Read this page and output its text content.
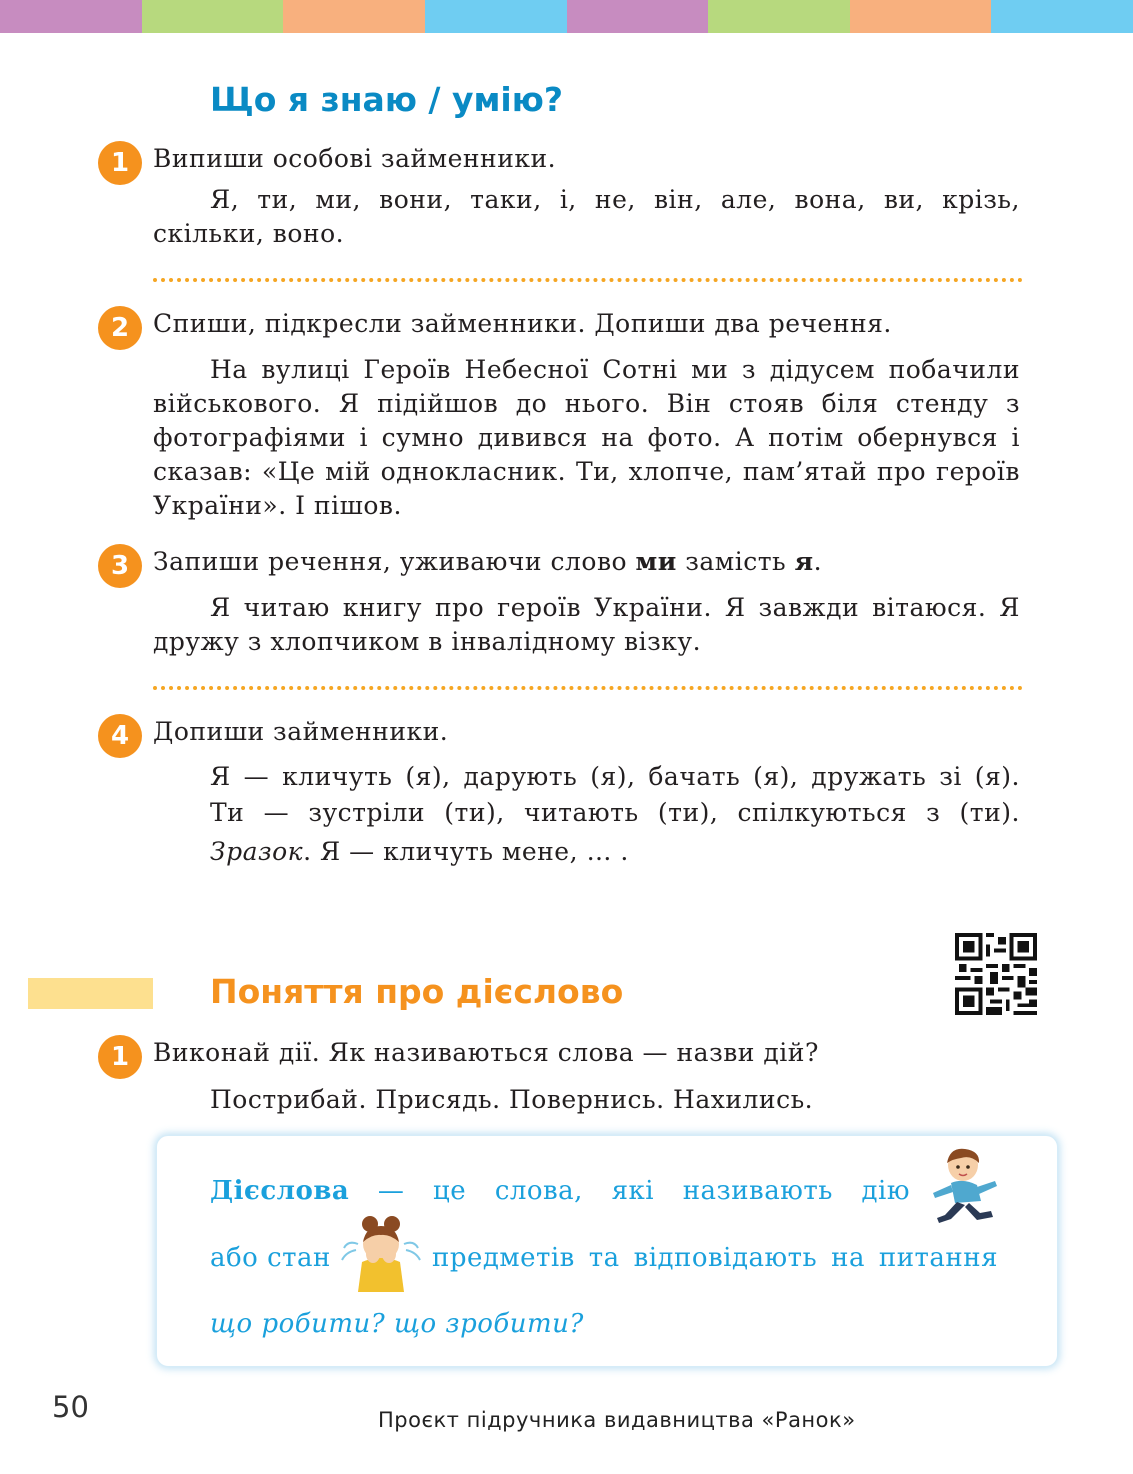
Що я знаю / умію?
1 Випиши особові займенники.
Я, ти, ми, вони, таки, і, не, він, але, вона, ви, крізь, скільки, воно.
2 Спиши, підкресли займенники. Допиши два речення.
На вулиці Героїв Небесної Сотні ми з дідусем побачили військового. Я підійшов до нього. Він стояв біля стенду з фотографіями і сумно дивився на фото. А потім обернувся і сказав: «Це мій однокласник. Ти, хлопче, пам’ятай про героїв України». І пішов.
3 Запиши речення, уживаючи слово ми замість я.
Я читаю книгу про героїв України. Я завжди вітаюся. Я дружу з хлопчиком в інвалідному візку.
4 Допиши займенники.
Я — кличуть (я), дарують (я), бачать (я), дружать зі (я).
Ти — зустріли (ти), читають (ти), спілкуються з (ти).
Зразок. Я — кличуть мене, … .
Поняття про дієслово
1 Виконай дії. Як називаються слова — назви дій?
Пострибай. Присядь. Повернись. Нахились.
Дієслова — це слова, які називають дію
або стан	предметів та відповідають на питання
що робити? що зробити?
50	Проєкт підручника видавництва «Ранок»
